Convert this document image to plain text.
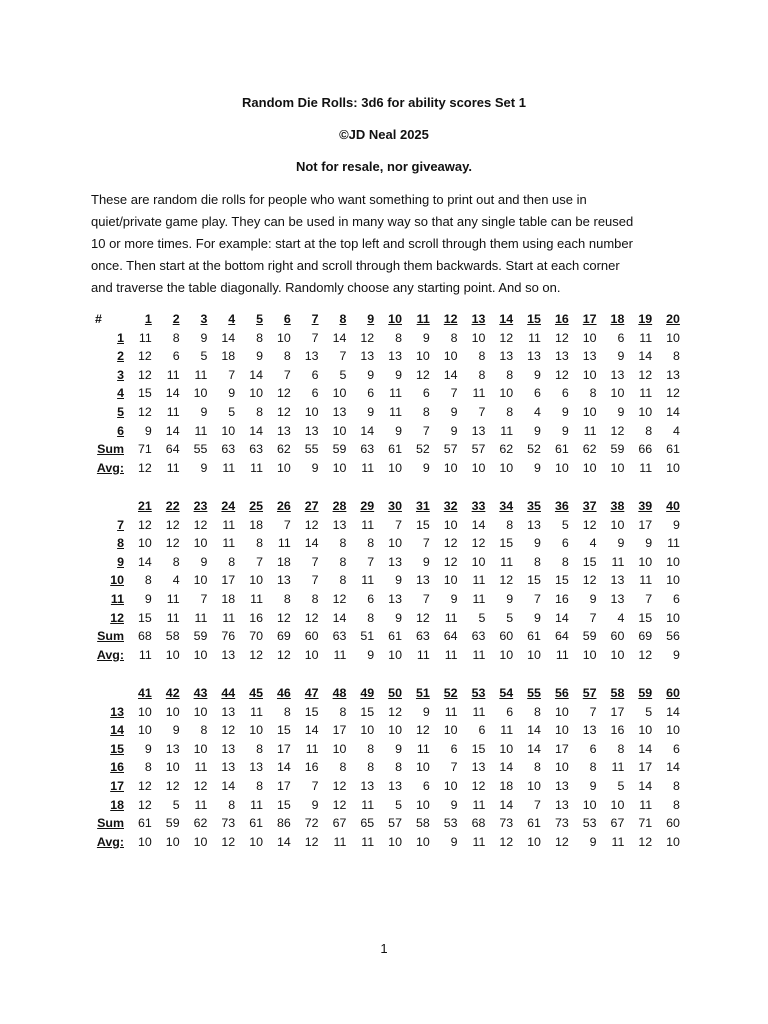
Random Die Rolls: 3d6 for ability scores Set 1
©JD Neal 2025
Not for resale, nor giveaway.
These are random die rolls for people who want something to print out and then use in
quiet/private game play. They can be used in many way so that any single table can be reused
10 or more times. For example: start at the top left and scroll through them using each number
once. Then start at the bottom right and scroll through them backwards. Start at each corner
and traverse the table diagonally. Randomly choose any starting point. And so on.
#	1	2	3	4	5	6	7	8	9	10	11	12	13	14	15	16	17	18	19	20
1	11	8	9	14	8	10	7	14	12	8	9	8	10	12	11	12	10	6	11	10
2	12	6	5	18	9	8	13	7	13	13	10	10	8	13	13	13	13	9	14	8
3	12	11	11	7	14	7	6	5	9	9	12	14	8	8	9	12	10	13	12	13
4	15	14	10	9	10	12	6	10	6	11	6	7	11	10	6	6	8	10	11	12
5	12	11	9	5	8	12	10	13	9	11	8	9	7	8	4	9	10	9	10	14
6	9	14	11	10	14	13	13	10	14	9	7	9	13	11	9	9	11	12	8	4
Sum	71	64	55	63	63	62	55	59	63	61	52	57	57	62	52	61	62	59	66	61
Avg:	12	11	9	11	11	10	9	10	11	10	9	10	10	10	9	10	10	10	11	10
	21	22	23	24	25	26	27	28	29	30	31	32	33	34	35	36	37	38	39	40
7	12	12	12	11	18	7	12	13	11	7	15	10	14	8	13	5	12	10	17	9
8	10	12	10	11	8	11	14	8	8	10	7	12	12	15	9	6	4	9	9	11
9	14	8	9	8	7	18	7	8	7	13	9	12	10	11	8	8	15	11	10	10
10	8	4	10	17	10	13	7	8	11	9	13	10	11	12	15	15	12	13	11	10
11	9	11	7	18	11	8	8	12	6	13	7	9	11	9	7	16	9	13	7	6
12	15	11	11	11	16	12	12	14	8	9	12	11	5	5	9	14	7	4	15	10
Sum	68	58	59	76	70	69	60	63	51	61	63	64	63	60	61	64	59	60	69	56
Avg:	11	10	10	13	12	12	10	11	9	10	11	11	11	10	10	11	10	10	12	9
	41	42	43	44	45	46	47	48	49	50	51	52	53	54	55	56	57	58	59	60
13	10	10	10	13	11	8	15	8	15	12	9	11	11	6	8	10	7	17	5	14
14	10	9	8	12	10	15	14	17	10	10	12	10	6	11	14	10	13	16	10	10
15	9	13	10	13	8	17	11	10	8	9	11	6	15	10	14	17	6	8	14	6
16	8	10	11	13	13	14	16	8	8	8	10	7	13	14	8	10	8	11	17	14
17	12	12	12	14	8	17	7	12	13	13	6	10	12	18	10	13	9	5	14	8
18	12	5	11	8	11	15	9	12	11	5	10	9	11	14	7	13	10	10	11	8
Sum	61	59	62	73	61	86	72	67	65	57	58	53	68	73	61	73	53	67	71	60
Avg:	10	10	10	12	10	14	12	11	11	10	10	9	11	12	10	12	9	11	12	10
1
